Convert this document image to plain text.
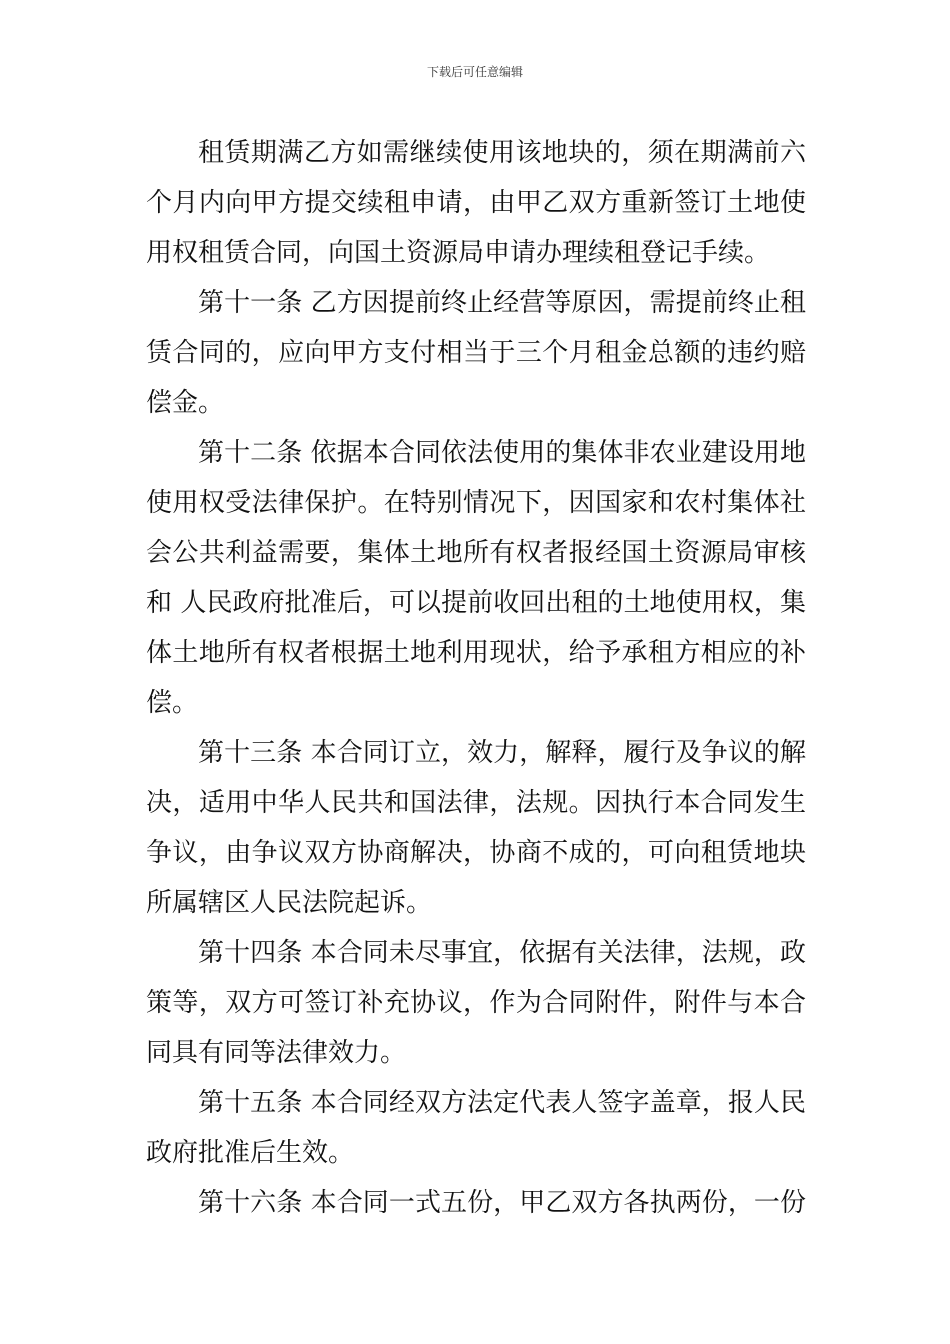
下载后可任意编辑
租赁期满乙方如需继续使用该地块的，须在期满前六
个月内向甲方提交续租申请，由甲乙双方重新签订土地使
用权租赁合同，向国土资源局申请办理续租登记手续。
第十一条 乙方因提前终止经营等原因，需提前终止租
赁合同的，应向甲方支付相当于三个月租金总额的违约赔
偿金。
第十二条 依据本合同依法使用的集体非农业建设用地
使用权受法律保护。在特别情况下，因国家和农村集体社
会公共利益需要，集体土地所有权者报经国土资源局审核
和 人民政府批准后，可以提前收回出租的土地使用权，集
体土地所有权者根据土地利用现状，给予承租方相应的补
偿。
第十三条 本合同订立，效力，解释，履行及争议的解
决，适用中华人民共和国法律，法规。因执行本合同发生
争议，由争议双方协商解决，协商不成的，可向租赁地块
所属辖区人民法院起诉。
第十四条 本合同未尽事宜，依据有关法律，法规，政
策等，双方可签订补充协议，作为合同附件，附件与本合
同具有同等法律效力。
第十五条 本合同经双方法定代表人签字盖章，报人民
政府批准后生效。
第十六条 本合同一式五份，甲乙双方各执两份，一份
